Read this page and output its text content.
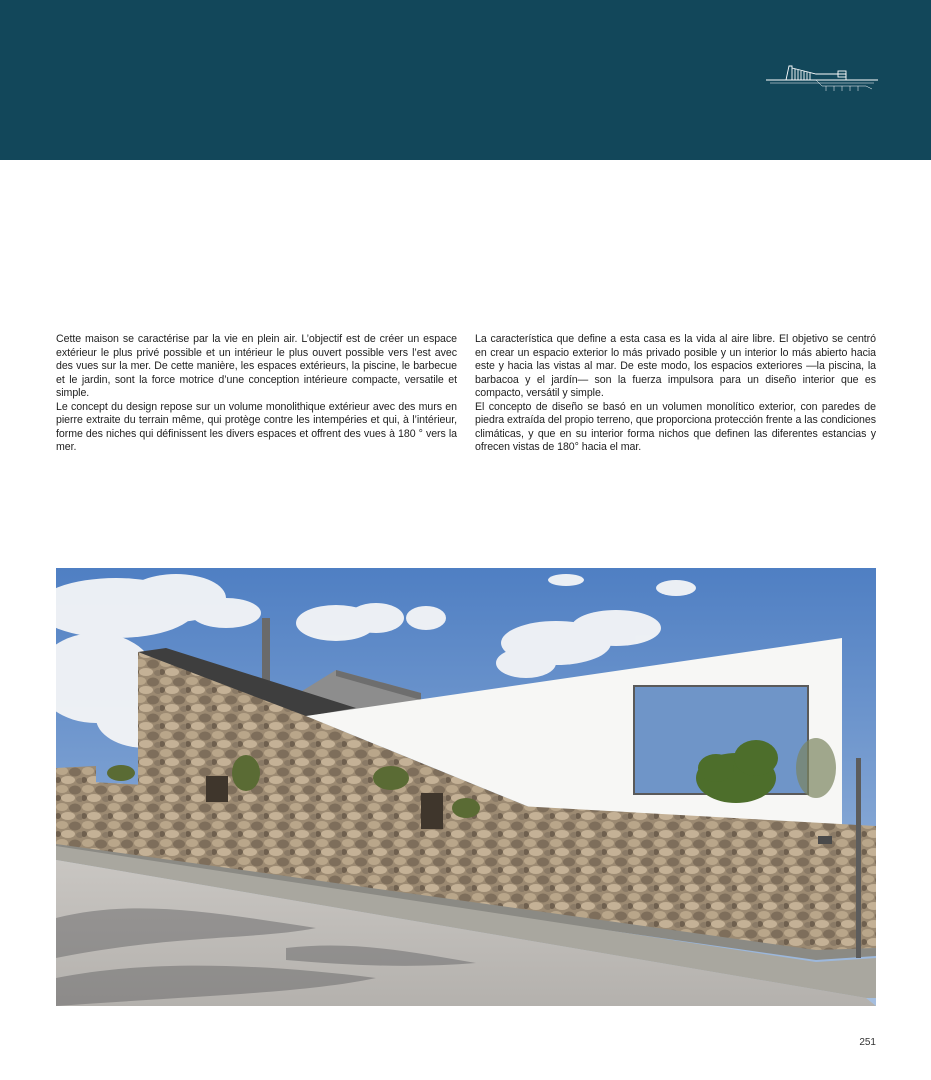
Cette maison se caractérise par la vie en plein air. L’objectif est de créer un espace extérieur le plus privé possible et un intérieur le plus ouvert possible vers l’est avec des vues sur la mer. De cette manière, les espaces extérieurs, la piscine, le barbecue et le jardin, sont la force motrice d’une conception intérieure compacte, versatile et simple.

Le concept du design repose sur un volume monolithique extérieur avec des murs en pierre extraite du terrain même, qui protège contre les intempéries et qui, à l’intérieur, forme des niches qui définissent les divers espaces et offrent des vues à 180 ° vers la mer.

La característica que define a esta casa es la vida al aire libre. El objetivo se centró en crear un espacio exterior lo más privado posible y un interior lo más abierto hacia este y hacia las vistas al mar. De este modo, los espacios exteriores —la piscina, la barbacoa y el jardín— son la fuerza impulsora para un diseño interior que es compacto, versátil y simple.

El concepto de diseño se basó en un volumen monolítico exterior, con paredes de piedra extraída del propio terreno, que proporciona protección frente a las condiciones climáticas, y que en su interior forma nichos que definen las diferentes estancias y ofrecen vistas de 180° hacia el mar.

251
